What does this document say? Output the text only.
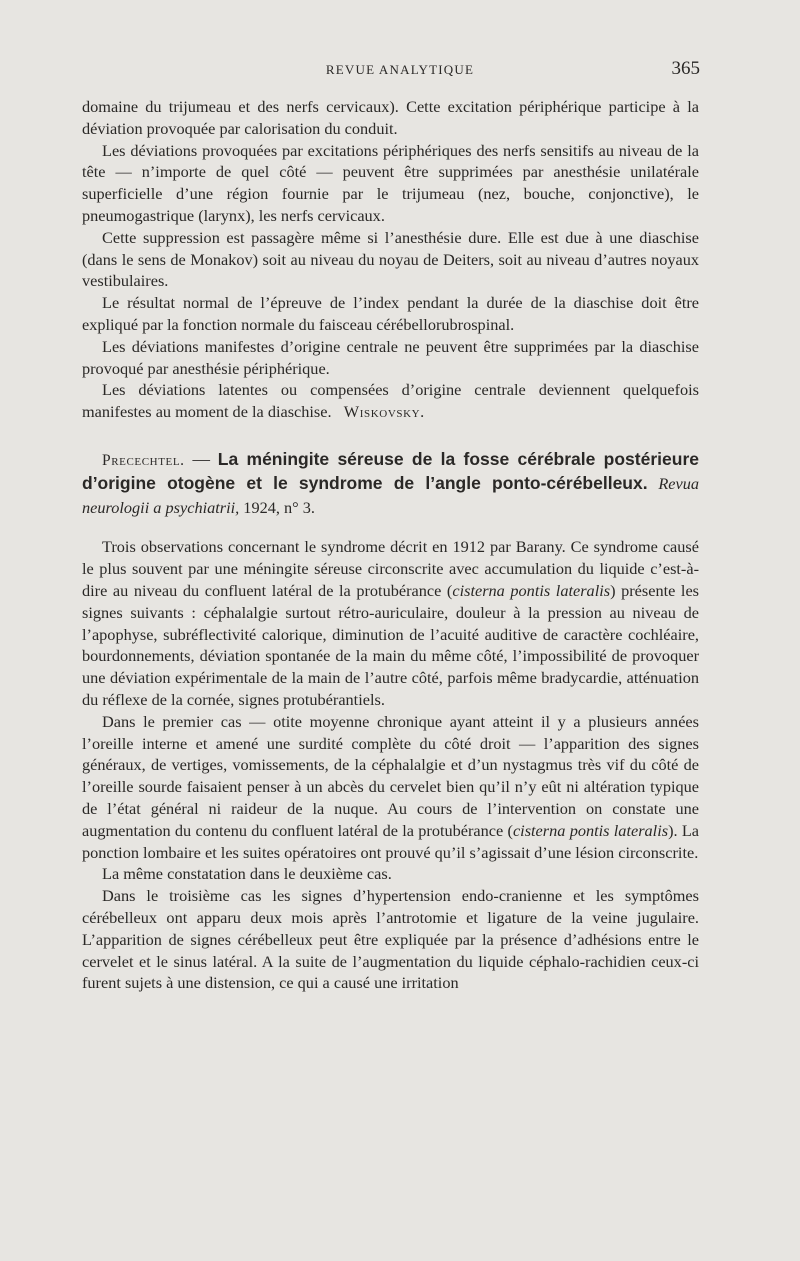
REVUE ANALYTIQUE	365

domaine du trijumeau et des nerfs cervicaux). Cette excitation périphérique participe à la déviation provoquée par calorisation du conduit.

Les déviations provoquées par excitations périphériques des nerfs sensitifs au niveau de la tête — n’importe de quel côté — peuvent être supprimées par anesthésie unilatérale superficielle d’une région fournie par le trijumeau (nez, bouche, conjonctive), le pneumogastrique (larynx), les nerfs cervicaux.

Cette suppression est passagère même si l’anesthésie dure. Elle est due à une diaschise (dans le sens de Monakov) soit au niveau du noyau de Deiters, soit au niveau d’autres noyaux vestibulaires.

Le résultat normal de l’épreuve de l’index pendant la durée de la diaschise doit être expliqué par la fonction normale du faisceau cérébellorubrospinal.

Les déviations manifestes d’origine centrale ne peuvent être supprimées par la diaschise provoqué par anesthésie périphérique.

Les déviations latentes ou compensées d’origine centrale deviennent quelquefois manifestes au moment de la diaschise. Wiskovsky.

Precechtel. — La méningite séreuse de la fosse cérébrale postérieure d’origine otogène et le syndrome de l’angle ponto-cérébelleux. Revua neurologii a psychiatrii, 1924, n° 3.

Trois observations concernant le syndrome décrit en 1912 par Barany. Ce syndrome causé le plus souvent par une méningite séreuse circonscrite avec accumulation du liquide c’est-à-dire au niveau du confluent latéral de la protubérance (cisterna pontis lateralis) présente les signes suivants : céphalalgie surtout rétro-auriculaire, douleur à la pression au niveau de l’apophyse, subréflectivité calorique, diminution de l’acuité auditive de caractère cochléaire, bourdonnements, déviation spontanée de la main du même côté, l’impossibilité de provoquer une déviation expérimentale de la main de l’autre côté, parfois même bradycardie, atténuation du réflexe de la cornée, signes protubérantiels.

Dans le premier cas — otite moyenne chronique ayant atteint il y a plusieurs années l’oreille interne et amené une surdité complète du côté droit — l’apparition des signes généraux, de vertiges, vomissements, de la céphalalgie et d’un nystagmus très vif du côté de l’oreille sourde faisaient penser à un abcès du cervelet bien qu’il n’y eût ni altération typique de l’état général ni raideur de la nuque. Au cours de l’intervention on constate une augmentation du contenu du confluent latéral de la protubérance (cisterna pontis lateralis). La ponction lombaire et les suites opératoires ont prouvé qu’il s’agissait d’une lésion circonscrite.

La même constatation dans le deuxième cas.

Dans le troisième cas les signes d’hypertension endo-cranienne et les symptômes cérébelleux ont apparu deux mois après l’antrotomie et ligature de la veine jugulaire. L’apparition de signes cérébelleux peut être expliquée par la présence d’adhésions entre le cervelet et le sinus latéral. A la suite de l’augmentation du liquide céphalo-rachidien ceux-ci furent sujets à une distension, ce qui a causé une irritation
